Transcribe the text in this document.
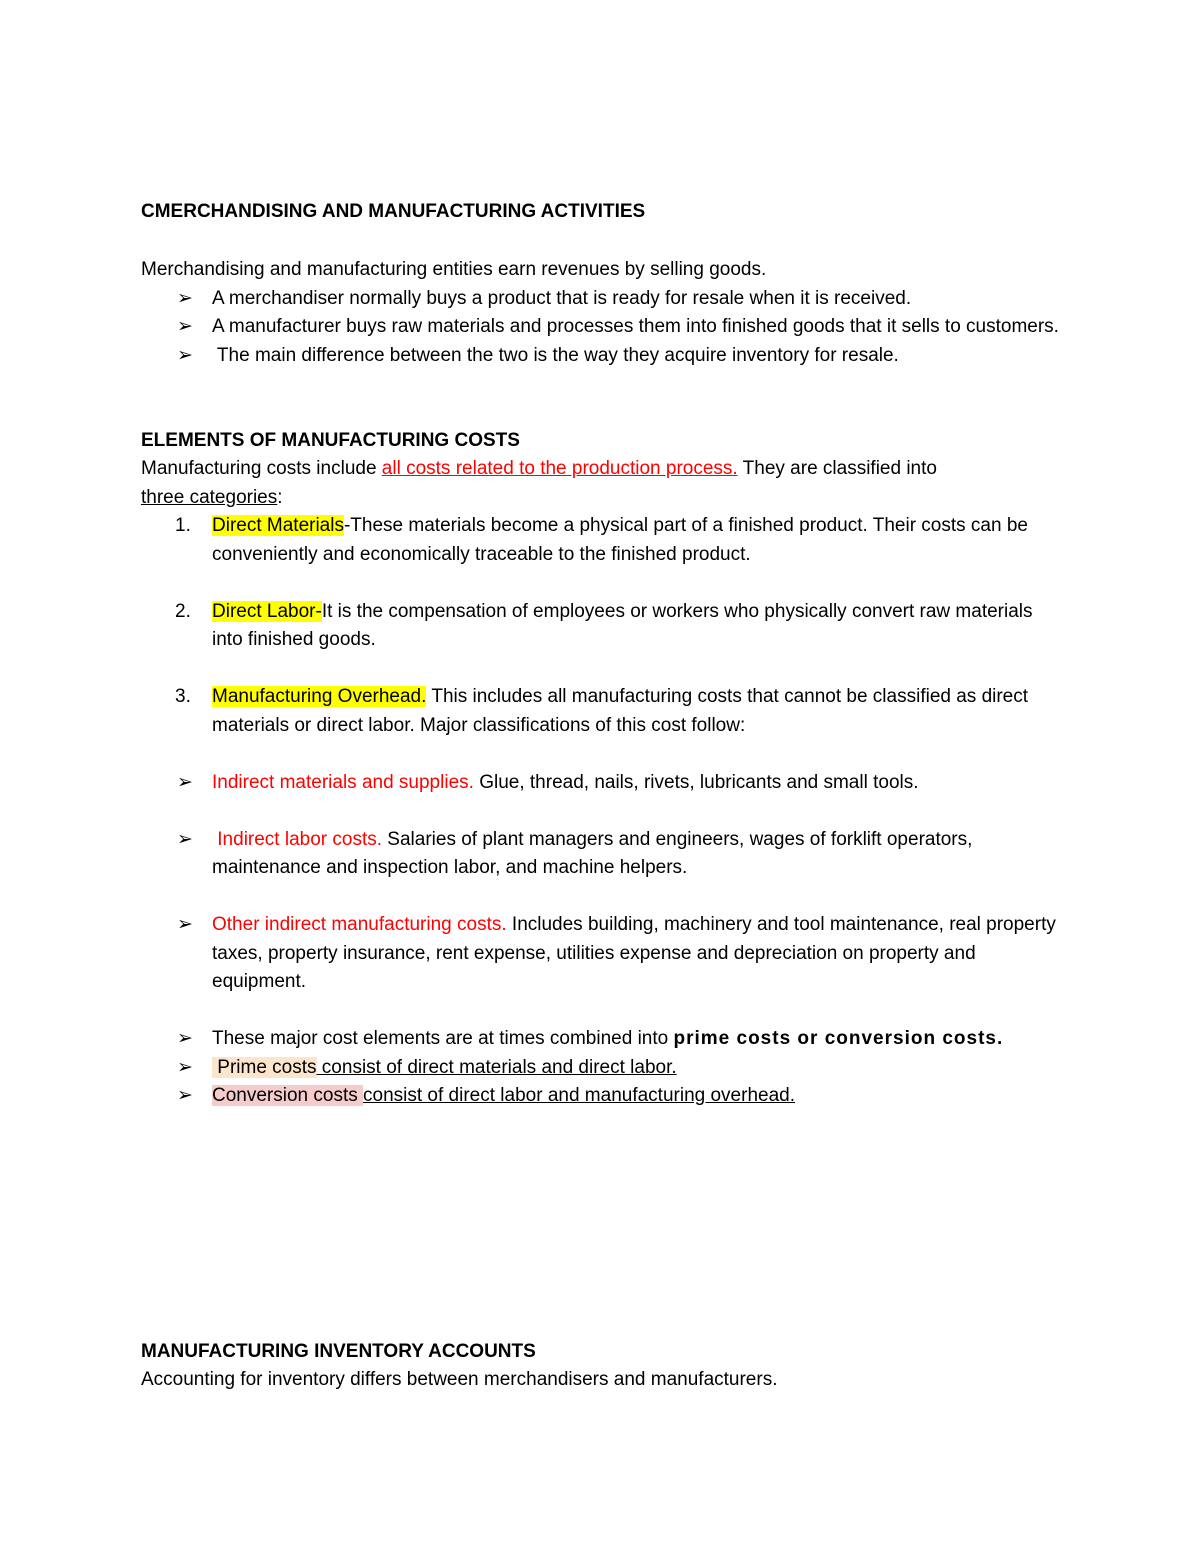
CMERCHANDISING AND MANUFACTURING ACTIVITIES

Merchandising and manufacturing entities earn revenues by selling goods.

➢ A merchandiser normally buys a product that is ready for resale when it is received.
➢ A manufacturer buys raw materials and processes them into finished goods that it sells to customers.
➢ The main difference between the two is the way they acquire inventory for resale.

ELEMENTS OF MANUFACTURING COSTS

Manufacturing costs include all costs related to the production process. They are classified into
three categories:

1. Direct Materials-These materials become a physical part of a finished product. Their costs can be conveniently and economically traceable to the finished product.
2. Direct Labor-It is the compensation of employees or workers who physically convert raw materials into finished goods.
3. Manufacturing Overhead. This includes all manufacturing costs that cannot be classified as direct materials or direct labor. Major classifications of this cost follow:
➢ Indirect materials and supplies. Glue, thread, nails, rivets, lubricants and small tools.
➢ Indirect labor costs. Salaries of plant managers and engineers, wages of forklift operators, maintenance and inspection labor, and machine helpers.
➢ Other indirect manufacturing costs. Includes building, machinery and tool maintenance, real property taxes, property insurance, rent expense, utilities expense and depreciation on property and equipment.
➢ These major cost elements are at times combined into prime costs or conversion costs.
➢ Prime costs consist of direct materials and direct labor.
➢ Conversion costs consist of direct labor and manufacturing overhead.

MANUFACTURING INVENTORY ACCOUNTS

Accounting for inventory differs between merchandisers and manufacturers.
